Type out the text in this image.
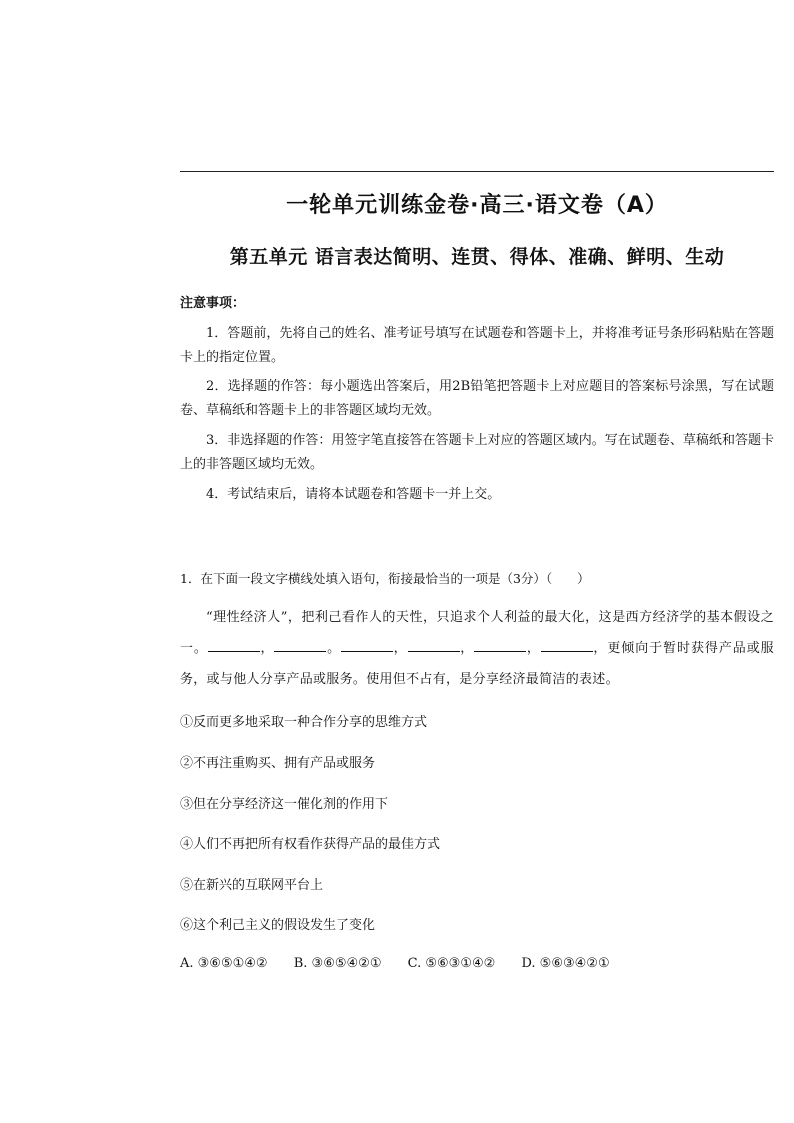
一轮单元训练金卷·高三·语文卷（A）
第五单元 语言表达简明、连贯、得体、准确、鲜明、生动
注意事项：
1．答题前，先将自己的姓名、准考证号填写在试题卷和答题卡上，并将准考证号条形码粘贴在答题卡上的指定位置。
2．选择题的作答：每小题选出答案后，用2B铅笔把答题卡上对应题目的答案标号涂黑，写在试题卷、草稿纸和答题卡上的非答题区域均无效。
3．非选择题的作答：用签字笔直接答在答题卡上对应的答题区域内。写在试题卷、草稿纸和答题卡上的非答题区域均无效。
4．考试结束后，请将本试题卷和答题卡一并上交。
1．在下面一段文字横线处填入语句，衔接最恰当的一项是（3分）（　　）
“理性经济人”，把利己看作人的天性，只追求个人利益的最大化，这是西方经济学的基本假设之一。	，	。	，	，	，	，更倾向于暂时获得产品或服务，或与他人分享产品或服务。使用但不占有，是分享经济最简洁的表述。
①反而更多地采取一种合作分享的思维方式
②不再注重购买、拥有产品或服务
③但在分享经济这一催化剂的作用下
④人们不再把所有权看作获得产品的最佳方式
⑤在新兴的互联网平台上
⑥这个利己主义的假设发生了变化
A. ③⑥⑤①④② B. ③⑥⑤④②① C. ⑤⑥③①④② D. ⑤⑥③④②①
